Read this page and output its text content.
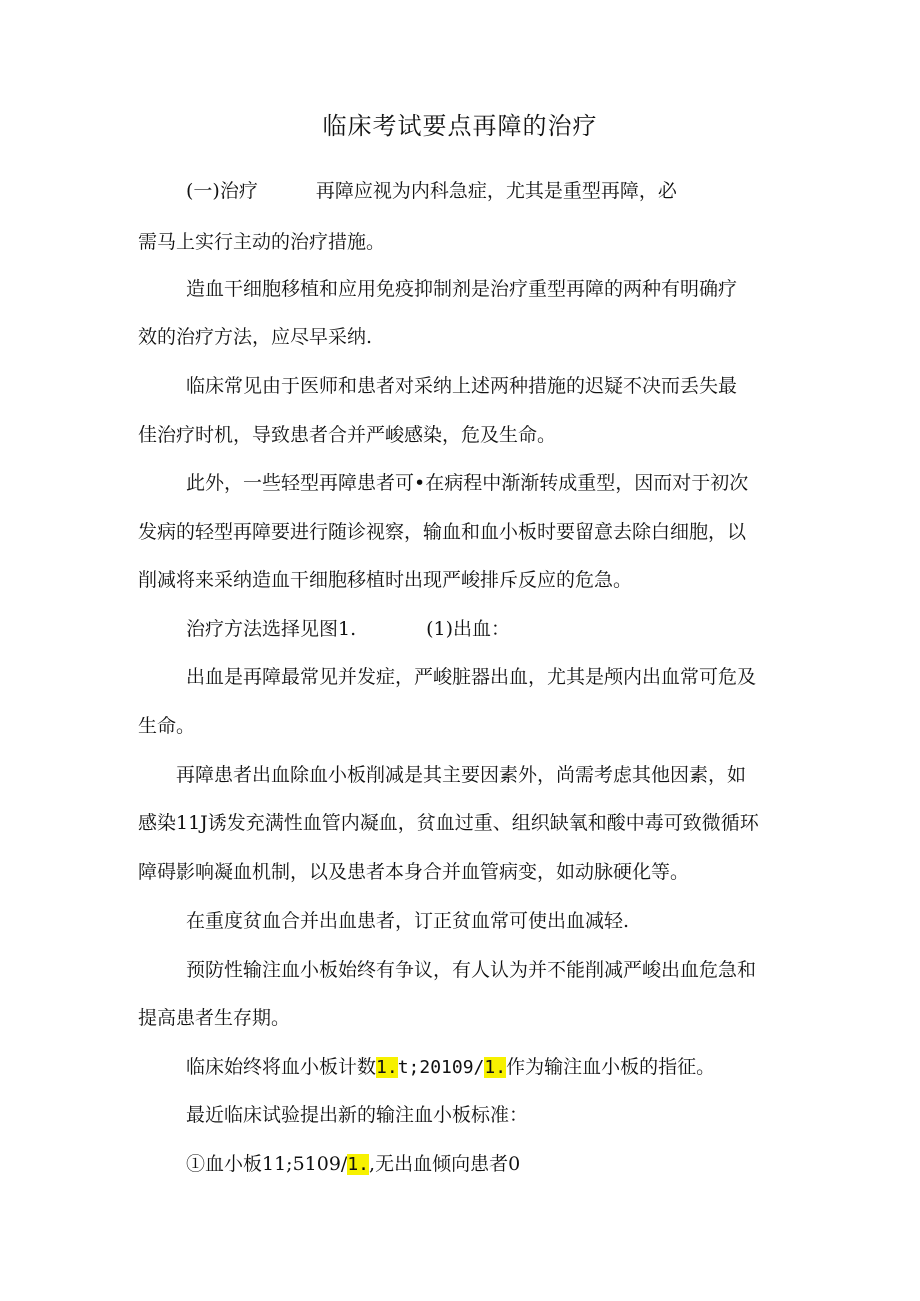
临床考试要点再障的治疗
(一)治疗	再障应视为内科急症，尤其是重型再障，必
需马上实行主动的治疗措施。
造血干细胞移植和应用免疫抑制剂是治疗重型再障的两种有明确疗
效的治疗方法，应尽早采纳.
临床常见由于医师和患者对采纳上述两种措施的迟疑不决而丢失最
佳治疗时机，导致患者合并严峻感染，危及生命。
此外，一些轻型再障患者可•在病程中渐渐转成重型，因而对于初次
发病的轻型再障要进行随诊视察，输血和血小板时要留意去除白细胞，以
削减将来采纳造血干细胞移植时出现严峻排斥反应的危急。
治疗方法选择见图1.	(1)出血：
出血是再障最常见并发症，严峻脏器出血，尤其是颅内出血常可危及
生命。
再障患者出血除血小板削减是其主要因素外，尚需考虑其他因素，如
感染11J诱发充满性血管内凝血，贫血过重、组织缺氧和酸中毒可致微循环
障碍影响凝血机制，以及患者本身合并血管病变，如动脉硬化等。
在重度贫血合并出血患者，订正贫血常可使出血减轻.
预防性输注血小板始终有争议，有人认为并不能削减严峻出血危急和
提高患者生存期。
临床始终将血小板计数1.t;20109/1.作为输注血小板的指征。
最近临床试验提出新的输注血小板标准：
①血小板11;5109/1.,无出血倾向患者0
